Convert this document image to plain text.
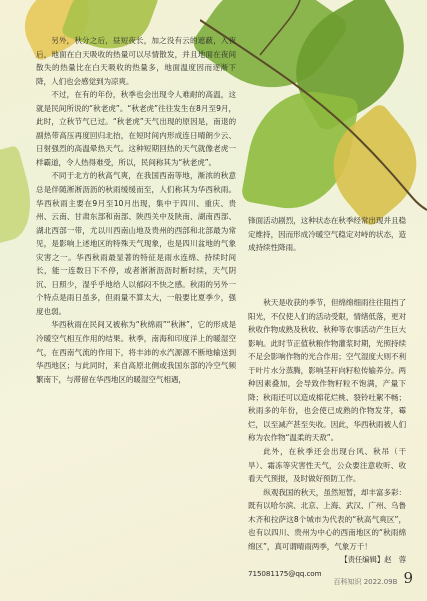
另外，秋分之后，昼短夜长，加之没有云的遮蔽，入夜后，地面在白天吸收的热量可以尽情散发，并且地面在夜间散失的热量比在白天吸收的热量多，地面温度因而逐渐下降，人们也会感觉到为凉爽。

不过，在有的年份，秋季也会出现令人难耐的高温，这就是民间所说的“秋老虎”。“秋老虎”往往发生在8月至9月，此时，立秋节气已过。“秋老虎”天气出现的原因是，南退的副热带高压再度回归北抬，在短时间内形成连日晴朗少云、日射强烈的高温晕热天气。这种短期回热的天气就像老虎一样霸道，令人热得难受，所以，民间称其为“秋老虎”。

不同于北方的秋高气爽，在我国西南等地，渐浓的秋意总是伴随淅淅沥沥的秋雨缓缓而至，人们称其为华西秋雨。华西秋雨主要在9月至10月出现，集中于四川、重庆、贵州、云南、甘肃东部和南部、陕西关中及陕南、湖南西部、湖北西部一带，尤以川西南山地及贵州的西部和北部最为常见，是影响上述地区的特殊天气现象，也是四川盆地的气象灾害之一。华西秋雨最显著的特征是雨水连绵、持续时间长，能一连数日下不停，或者淅淅沥沥时断时续，天气阴沉、日照少，湿乎乎地给人以郁闷不快之感。秋雨的另外一个特点是雨日虽多，但雨量不算太大，一般要比夏季少，强度也弱。

华西秋雨在民间又被称为“秋绵雨”“秋淋”，它的形成是冷暖空气相互作用的结果。秋季，南海和印度洋上的暖湿空气，在西南气流的作用下，将丰沛的水汽源源不断地输送到华西地区；与此同时，来自高原北侧或我国东部的冷空气频繁南下，与滞留在华西地区的暖湿空气相遇，

锋面活动剧烈，这种状态在秋季经常出现并且稳定维持，因而形成冷暖空气稳定对峙的状态，造成持续性降雨。

秋天是收获的季节，但绵绵细雨往往阻挡了阳光，不仅使人们的活动受限，情绪低落，更对秋收作物成熟及秋收、秋种等农事活动产生巨大影响。此时节正值秋粮作物灌浆时期，光照持续不足会影响作物的光合作用；空气湿度大则不利于叶片水分蒸腾，影响茎秆向籽粒传输养分。两种因素叠加，会导致作物籽粒不饱满，产量下降；秋雨还可以造成棉花烂桃、裂铃吐絮不畅；秋雨多的年份，也会使已成熟的作物发芽，霉烂，以至减产甚至失收。因此，华西秋雨被人们称为农作物“温柔的天敌”。

此外，在秋季还会出现台风、秋吊（干旱）、霜冻等灾害性天气，公众要注意收听、收看天气预报，及时做好预防工作。

纵观我国的秋天，虽然短暂，却丰富多彩：既有以哈尔滨、北京、上海、武汉、广州、乌鲁木齐和拉萨这8个城市为代表的“秋高气爽区”，也有以四川、贵州为中心的西南地区的“秋雨绵绵区”，真可谓晴雨两季，气象万千！

【责任编辑】赵　蓉

715081175@qq.com

百科知识 2022.09B 9
